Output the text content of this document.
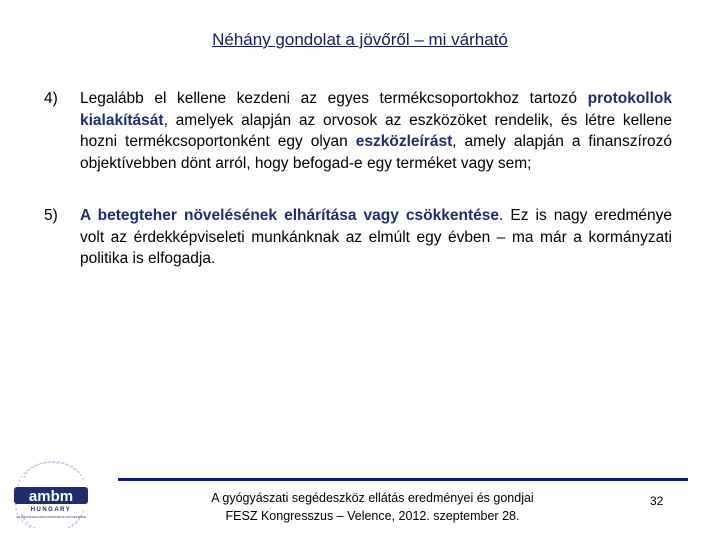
Néhány gondolat a jövőről – mi várható
4) Legalább el kellene kezdeni az egyes termékcsoportokhoz tartozó protokollok kialakítását, amelyek alapján az orvosok az eszközöket rendelik, és létre kellene hozni termékcsoportonként egy olyan eszközleírást, amely alapján a finanszírozó objektívebben dönt arról, hogy befogad-e egy terméket vagy sem;
5) A betegteher növelésének elhárítása vagy csökkentése. Ez is nagy eredménye volt az érdekképviseleti munkánknak az elmúlt egy évben – ma már a kormányzati politika is elfogadja.
ambm
HUNGARY
AZ ORVOSTECHNIKAI ESZKÖZÖK SZÖVETSÉGE
A gyógyászati segédeszköz ellátás eredményei és gondjai
FESZ Kongresszus – Velence, 2012. szeptember 28.
32
